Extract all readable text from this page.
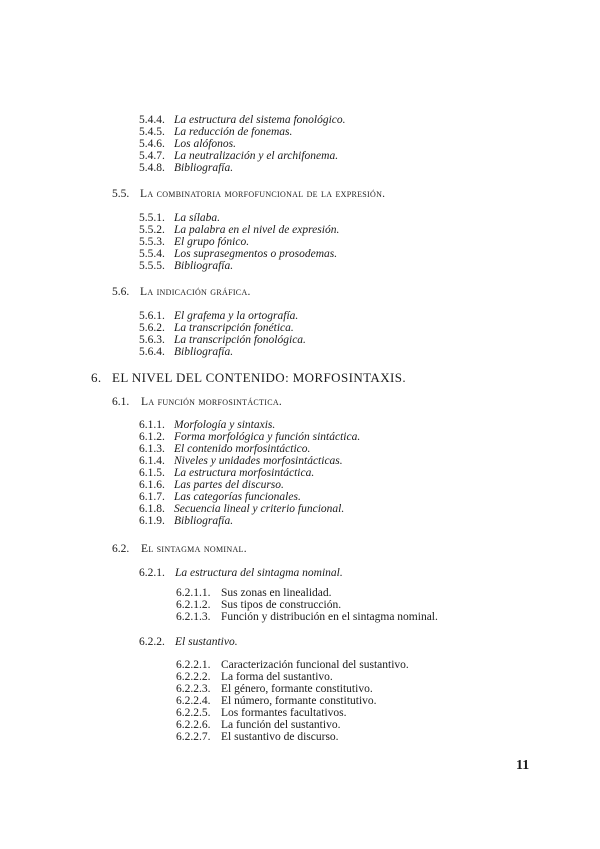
5.4.4. La estructura del sistema fonológico.
5.4.5. La reducción de fonemas.
5.4.6. Los alófonos.
5.4.7. La neutralización y el archifonema.
5.4.8. Bibliografía.
5.5. La combinatoria morfofuncional de la expresión.
5.5.1. La sílaba.
5.5.2. La palabra en el nivel de expresión.
5.5.3. El grupo fónico.
5.5.4. Los suprasegmentos o prosodemas.
5.5.5. Bibliografía.
5.6. La indicación gráfica.
5.6.1. El grafema y la ortografía.
5.6.2. La transcripción fonética.
5.6.3. La transcripción fonológica.
5.6.4. Bibliografía.
6. EL NIVEL DEL CONTENIDO: MORFOSINTAXIS.
6.1. La función morfosintáctica.
6.1.1. Morfología y sintaxis.
6.1.2. Forma morfológica y función sintáctica.
6.1.3. El contenido morfosintáctico.
6.1.4. Niveles y unidades morfosintácticas.
6.1.5. La estructura morfosintáctica.
6.1.6. Las partes del discurso.
6.1.7. Las categorías funcionales.
6.1.8. Secuencia lineal y criterio funcional.
6.1.9. Bibliografía.
6.2. El sintagma nominal.
6.2.1. La estructura del sintagma nominal.
6.2.1.1. Sus zonas en linealidad.
6.2.1.2. Sus tipos de construcción.
6.2.1.3. Función y distribución en el sintagma nominal.
6.2.2. El sustantivo.
6.2.2.1. Caracterización funcional del sustantivo.
6.2.2.2. La forma del sustantivo.
6.2.2.3. El género, formante constitutivo.
6.2.2.4. El número, formante constitutivo.
6.2.2.5. Los formantes facultativos.
6.2.2.6. La función del sustantivo.
6.2.2.7. El sustantivo de discurso.
11
